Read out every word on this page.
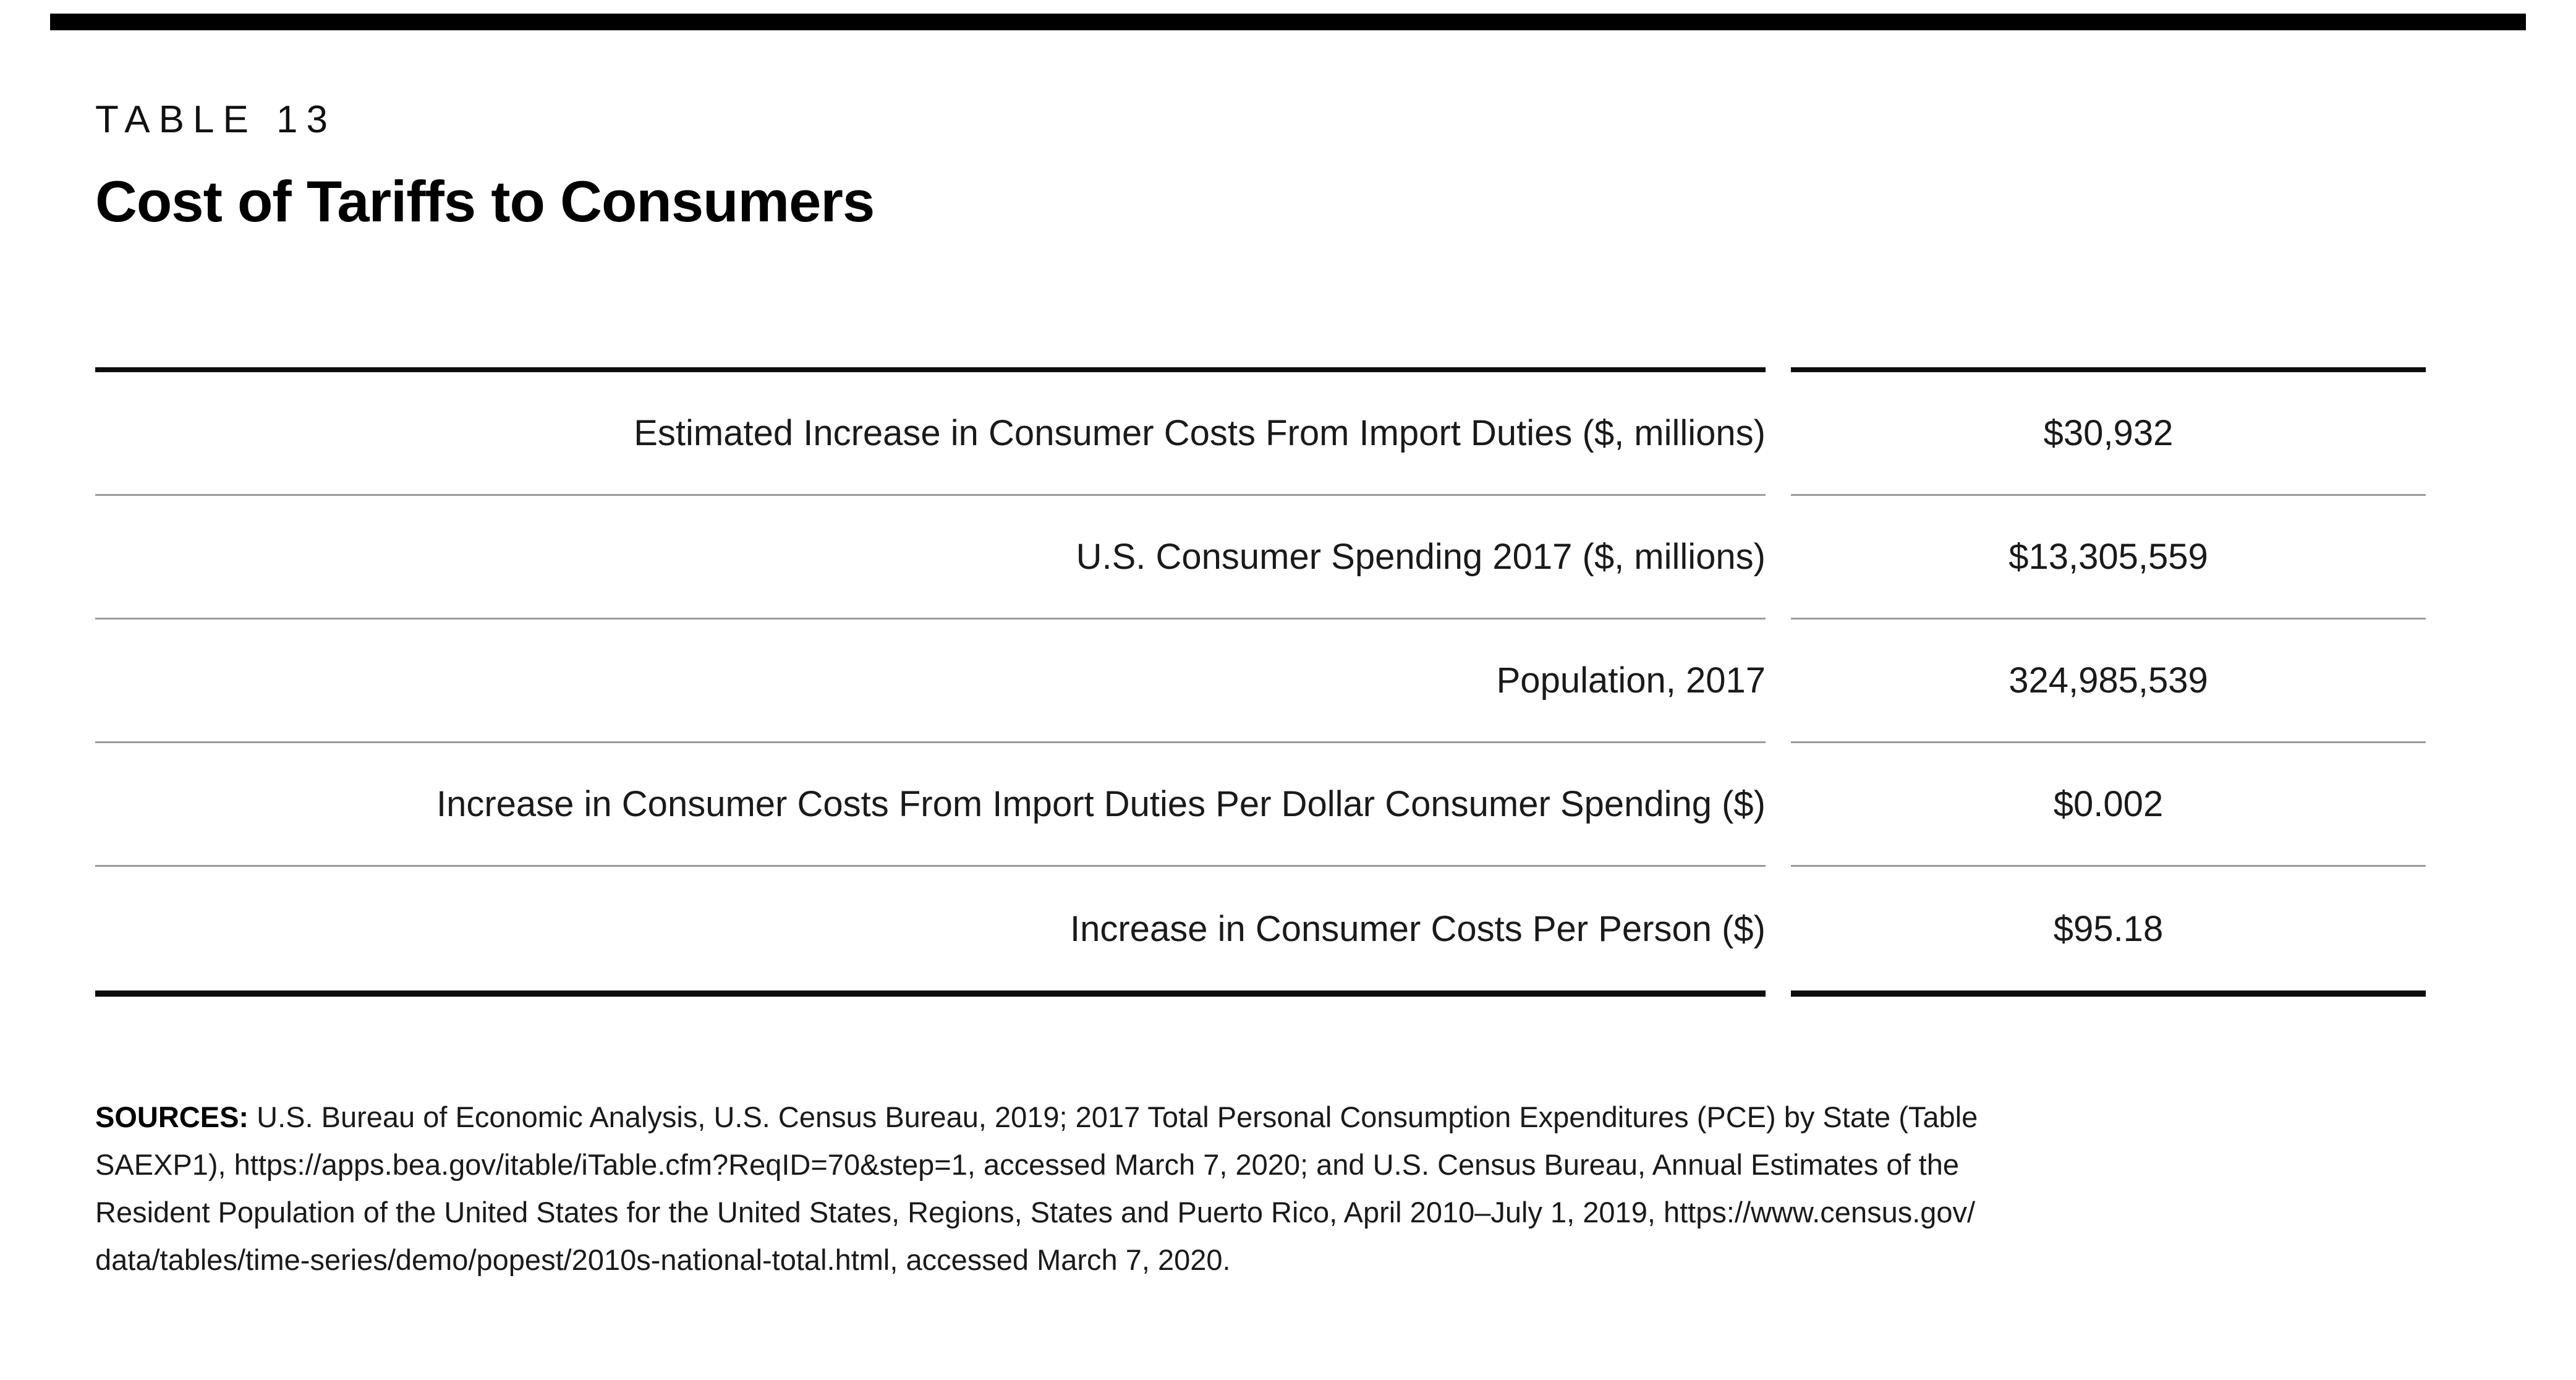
TABLE 13
Cost of Tariffs to Consumers
Estimated Increase in Consumer Costs From Import Duties ($, millions)
U.S. Consumer Spending 2017 ($, millions)
Population, 2017
Increase in Consumer Costs From Import Duties Per Dollar Consumer Spending ($)
Increase in Consumer Costs Per Person ($)
$30,932
$13,305,559
324,985,539
$0.002
$95.18
SOURCES: U.S. Bureau of Economic Analysis, U.S. Census Bureau, 2019; 2017 Total Personal Consumption Expenditures (PCE) by State (Table
SAEXP1), https://apps.bea.gov/itable/iTable.cfm?ReqID=70&step=1, accessed March 7, 2020; and U.S. Census Bureau, Annual Estimates of the
Resident Population of the United States for the United States, Regions, States and Puerto Rico, April 2010–July 1, 2019, https://www.census.gov/
data/tables/time-series/demo/popest/2010s-national-total.html, accessed March 7, 2020.
